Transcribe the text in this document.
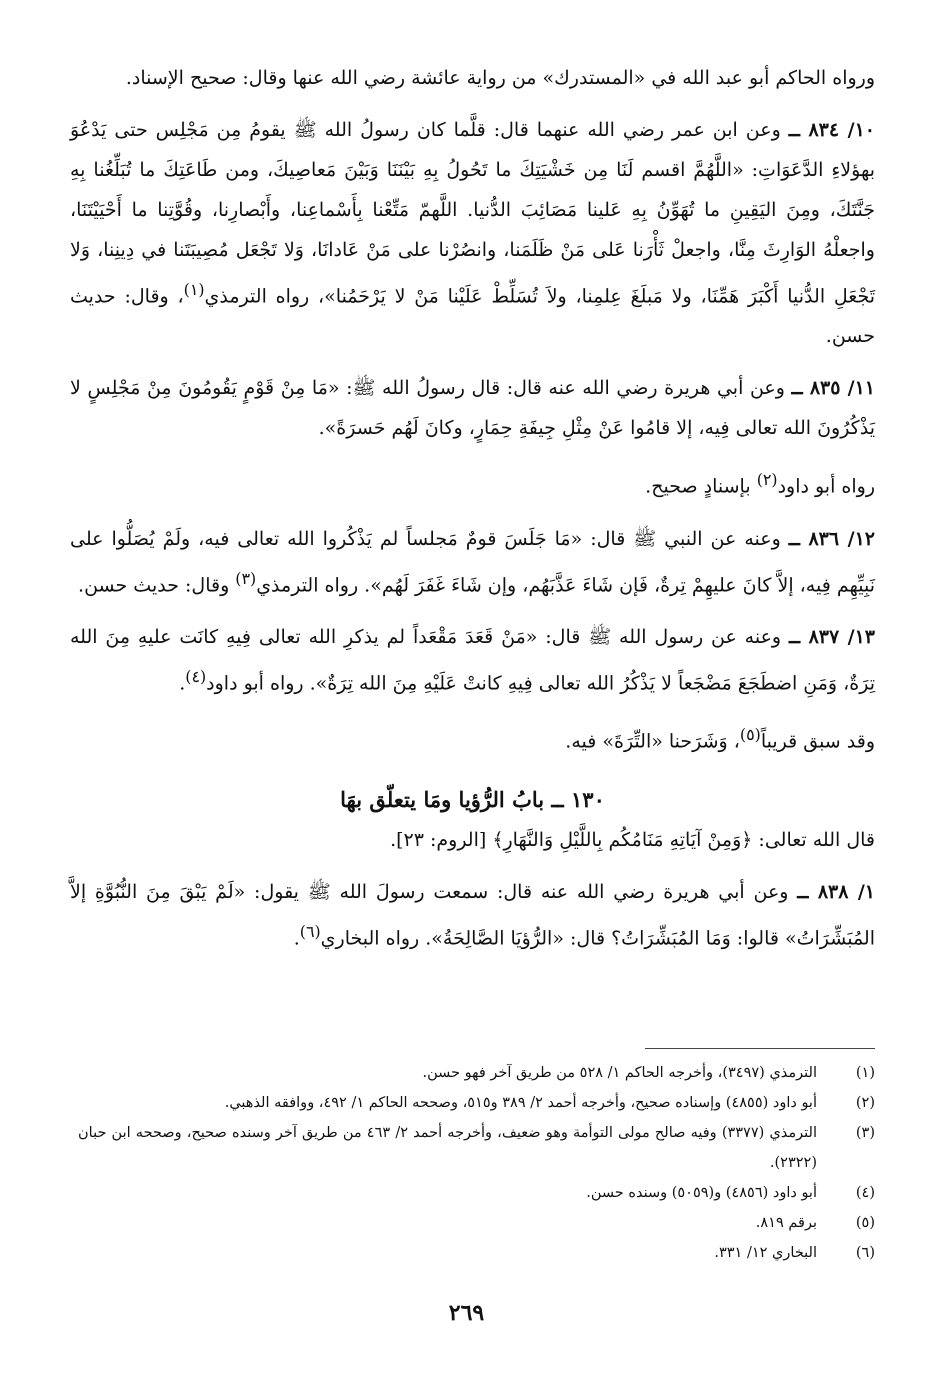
ورواه الحاكم أبو عبد الله في «المستدرك» من رواية عائشة رضي الله عنها وقال: صحيح الإسناد.

١٠/ ٨٣٤ ــ وعن ابن عمر رضي الله عنهما قال: قلَّما كان رسولُ الله ﷺ يقومُ مِن مَجْلِس حتى يَدْعُوَ بهؤلاءِ الدَّعَوَاتِ: «اللَّهُمَّ اقسم لَنَا مِن خَشْيَتِكَ ما تَحُولُ بِهِ بَيْنَنَا وَبَيْنَ مَعاصِيكَ، ومن طَاعَتِكَ ما تُبَلِّغُنا بِهِ جَنَّتَكَ، ومِنَ اليَقِينِ ما تُهَوِّنُ بِهِ عَلينا مَصَائِبَ الدُّنيا. اللَّهمّ مَتِّعْنا بِأَسْماعِنا، وأَبْصارِنا، وقُوَّتِنا ما أَحْيَيْتَنَا، واجعلْهُ الوَارِثَ مِنَّا، واجعلْ ثَأْرَنا عَلى مَنْ ظَلَمَنا، وانصُرْنا على مَنْ عَادانَا، وَلا تَجْعَل مُصِيبَتَنا في دِينِنا، وَلا تَجْعَلِ الدُّنيا أَكْبَرَ هَمِّنَا، ولا مَبلَغَ عِلمِنا، ولاَ تُسَلِّطْ عَلَيْنا مَنْ لا يَرْحَمُنا»، رواه الترمذي$^{(١)}$، وقال: حديث حسن.

١١/ ٨٣٥ ــ وعن أبي هريرة رضي الله عنه قال: قال رسولُ الله ﷺ: «مَا مِنْ قَوْمٍ يَقُومُونَ مِنْ مَجْلِسٍ لا يَذْكُرُونَ الله تعالى فِيه، إلا قامُوا عَنْ مِثْلِ جِيفَةِ حِمَارٍ، وكانَ لَهُم حَسرَةً».

رواه أبو داود$^{(٢)}$ بإسنادٍ صحيح.

١٢/ ٨٣٦ ــ وعنه عن النبي ﷺ قال: «مَا جَلَسَ قومٌ مَجلساً لم يَذْكُروا الله تعالى فيه، ولَمْ يُصَلُّوا على نَبِيِّهِم فِيه، إلاَّ كانَ عليهِمْ تِرةٌ، فَإن شَاءَ عَذَّبَهُم، وإن شَاءَ غَفَرَ لَهُم». رواه الترمذي$^{(٣)}$ وقال: حديث حسن.

١٣/ ٨٣٧ ــ وعنه عن رسول الله ﷺ قال: «مَنْ قَعَدَ مَقْعَداً لم يذكرِ الله تعالى فِيهِ كانَت عليهِ مِنَ الله تِرَةٌ، وَمَنِ اضطَجَعَ مَضْجَعاً لا يَذْكُرُ الله تعالى فِيهِ كانتْ عَلَيْهِ مِنَ الله تِرَةٌ». رواه أبو داود$^{(٤)}$.

وقد سبق قريباً$^{(٥)}$، وَشَرَحنا «التِّرَةَ» فيه.

١٣٠ ــ بابُ الرُّؤيا ومَا يتعلّق بهَا

قال الله تعالى: ﴿وَمِنْ آيَاتِهِ مَنَامُكُم بِاللَّيْلِ وَالنَّهَارِ﴾ [الروم: ٢٣].

١/ ٨٣٨ ــ وعن أبي هريرة رضي الله عنه قال: سمعت رسولَ الله ﷺ يقول: «لَمْ يَبْقَ مِنَ النُّبُوَّةِ إلاَّ المُبَشِّرَاتُ» قالوا: وَمَا المُبَشِّرَاتُ؟ قال: «الرُّؤيَا الصَّالِحَةُ». رواه البخاري$^{(٦)}$.

(١)
الترمذي (٣٤٩٧)، وأخرجه الحاكم ١/ ٥٢٨ من طريق آخر فهو حسن.
(٢)
أبو داود (٤٨٥٥) وإسناده صحيح، وأخرجه أحمد ٢/ ٣٨٩ و٥١٥، وصححه الحاكم ١/ ٤٩٢، ووافقه الذهبي.
(٣)
الترمذي (٣٣٧٧) وفيه صالح مولى التوأمة وهو ضعيف، وأخرجه أحمد ٢/ ٤٦٣ من طريق آخر وسنده صحيح، وصححه ابن حبان (٢٣٢٢).
(٤)
أبو داود (٤٨٥٦) و(٥٠٥٩) وسنده حسن.
(٥)
برقم ٨١٩.
(٦)
البخاري ١٢/ ٣٣١.
٢٦٩
